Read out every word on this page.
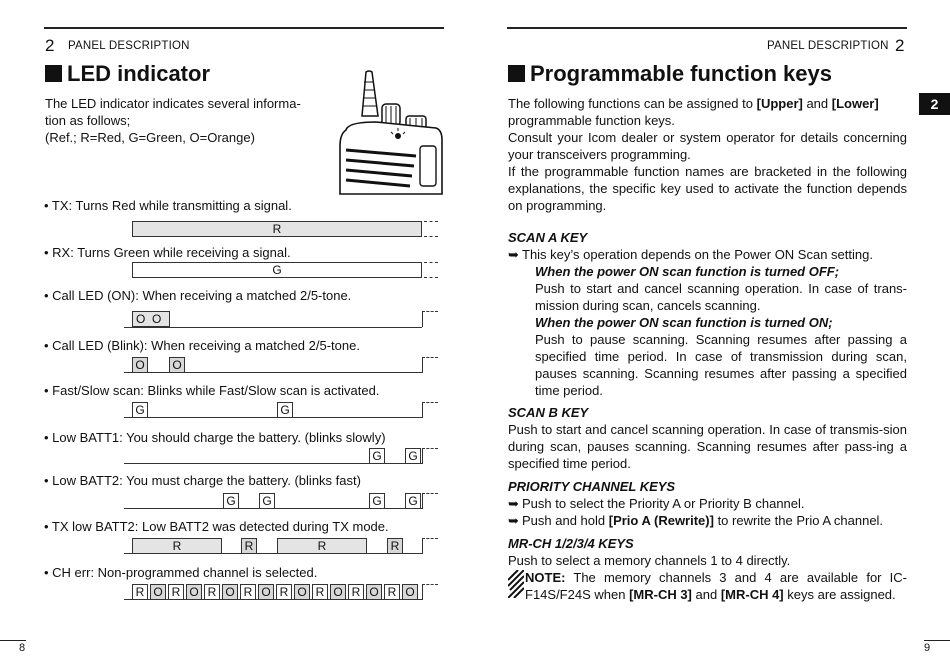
2 PANEL DESCRIPTION
LED indicator
The LED indicator indicates several informa-
tion as follows;
(Ref.; R=Red, G=Green, O=Orange)
• TX: Turns Red while transmitting a signal.
• RX: Turns Green while receiving a signal.
• Call LED (ON): When receiving a matched 2/5-tone.
• Call LED (Blink): When receiving a matched 2/5-tone.
• Fast/Slow scan: Blinks while Fast/Slow scan is activated.
• Low BATT1: You should charge the battery. (blinks slowly)
• Low BATT2: You must charge the battery. (blinks fast)
• TX low BATT2: Low BATT2 was detected during TX mode.
• CH err: Non-programmed channel is selected.
R
G
O O
O O
G	G
G G
G G	G G
R	R	R	R
R O R O R O R O R O R O R O R O
8
PANEL DESCRIPTION 2
Programmable function keys
2
The following functions can be assigned to [Upper] and [Lower]
programmable function keys.
Consult your Icom dealer or system operator for details concerning your transceivers programming.
If the programmable function names are bracketed in the following explanations, the specific key used to activate the function depends on programming.
SCAN A KEY
➥ This key’s operation depends on the Power ON Scan setting.
When the power ON scan function is turned OFF;
Push to start and cancel scanning operation. In case of trans-mission during scan, cancels scanning.
When the power ON scan function is turned ON;
Push to pause scanning. Scanning resumes after passing a specified time period. In case of transmission during scan, pauses scanning. Scanning resumes after passing a specified time period.
SCAN B KEY
Push to start and cancel scanning operation. In case of transmis-sion during scan, pauses scanning. Scanning resumes after pass-ing a specified time period.
PRIORITY CHANNEL KEYS
➥ Push to select the Priority A or Priority B channel.
➥ Push and hold [Prio A (Rewrite)] to rewrite the Prio A channel.
MR-CH 1/2/3/4 KEYS
Push to select a memory channels 1 to 4 directly.
NOTE: The memory channels 3 and 4 are available for IC-F14S/F24S when [MR-CH 3] and [MR-CH 4] keys are assigned.
9
